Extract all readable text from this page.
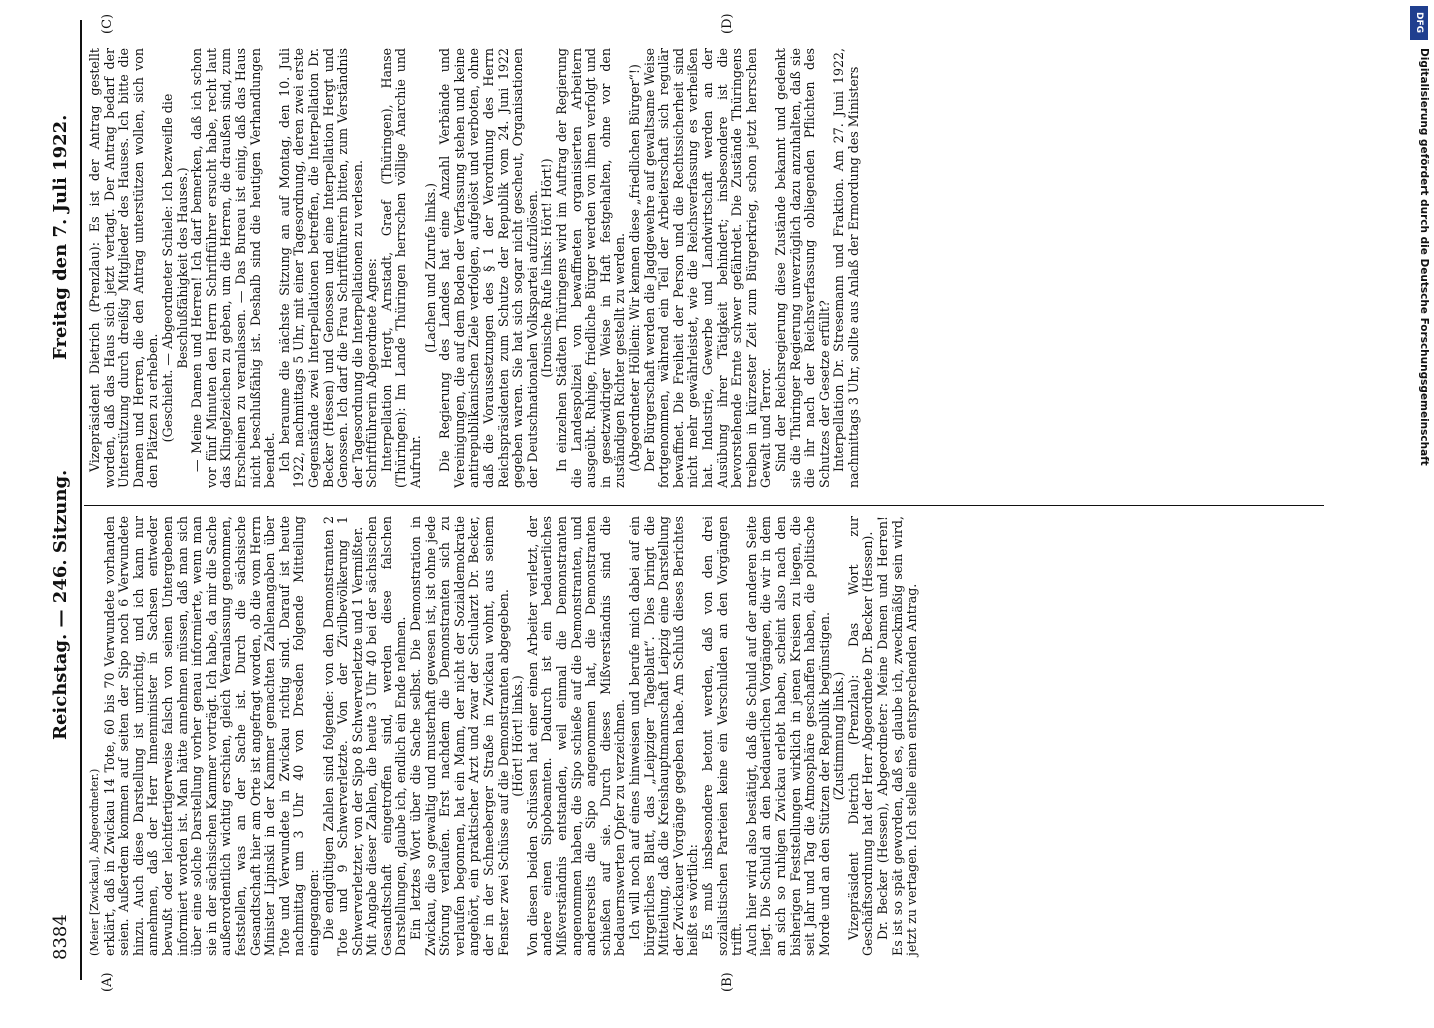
8384
Reichstag. — 246. Sitzung.
Freitag den 7. Juli 1922.
(A)	(B)
(C)	(D)

(Meier [Zwickau], Abgeordneter.) erklärt, daß in Zwickau 14 Tote, 60 bis 70 Verwundete vorhanden seien. Außerdem kommen auf seiten der Sipo noch 6 Verwundete hinzu. Auch diese Darstellung ist unrichtig, und ich kann nur annehmen, daß der Herr Innenminister in Sachsen entweder bewußt oder leichtfertigerweise falsch von seinen Untergebenen informiert worden ist. Man hätte annehmen müssen, daß man sich über eine solche Darstellung vorher genau informierte, wenn man sie in der sächsischen Kammer vorträgt. Ich habe, da mir die Sache außerordentlich wichtig erschien, gleich Veranlassung genommen, feststellen, was an der Sache ist. Durch die sächsische Gesandtschaft hier am Orte ist angefragt worden, ob die vom Herrn Minister Lipinski in der Kammer gemachten Zahlenangaben über Tote und Verwundete in Zwickau richtig sind. Darauf ist heute nachmittag um 3 Uhr 40 von Dresden folgende Mitteilung eingegangen: Die endgültigen Zahlen sind folgende: von den Demonstranten 2 Tote und 9 Schwerverletzte. Von der Zivilbevölkerung 1 Schwerverletzter, von der Sipo 8 Schwerverletzte und 1 Vermißter. Mit Angabe dieser Zahlen, die heute 3 Uhr 40 bei der sächsischen Gesandtschaft eingetroffen sind, werden diese falschen Darstellungen, glaube ich, endlich ein Ende nehmen. Ein letztes Wort über die Sache selbst. Die Demonstration in Zwickau, die so gewaltig und musterhaft gewesen ist, ist ohne jede Störung verlaufen. Erst nachdem die Demonstranten sich zu verlaufen begonnen, hat ein Mann, der nicht der Sozialdemokratie angehört, ein praktischer Arzt und zwar der Schularzt Dr. Becker, der in der Schneeberger Straße in Zwickau wohnt, aus seinem Fenster zwei Schüsse auf die Demonstranten abgegeben. (Hört! Hört! links.) Von diesen beiden Schüssen hat einer einen Arbeiter verletzt, der andere einen Sipobeamten. Dadurch ist ein bedauerliches Mißverständnis entstanden, weil einmal die Demonstranten angenommen haben, die Sipo schieße auf die Demonstranten, und andererseits die Sipo angenommen hat, die Demonstranten schießen auf sie. Durch dieses Mißverständnis sind die bedauernswerten Opfer zu verzeichnen. Ich will noch auf eines hinweisen und berufe mich dabei auf ein bürgerliches Blatt, das „Leipziger Tageblatt“. Dies bringt die Mitteilung, daß die Kreishauptmannschaft Leipzig eine Darstellung der Zwickauer Vorgänge gegeben habe. Am Schluß dieses Berichtes heißt es wörtlich: Es muß insbesondere betont werden, daß von den drei sozialistischen Parteien keine ein Verschulden an den Vorgängen trifft. Auch hier wird also bestätigt, daß die Schuld auf der anderen Seite liegt. Die Schuld an den bedauerlichen Vorgängen, die wir in dem an sich so ruhigen Zwickau erlebt haben, scheint also nach den bisherigen Feststellungen wirklich in jenen Kreisen zu liegen, die seit Jahr und Tag die Atmosphäre geschaffen haben, die politische Morde und an den Stützen der Republik begünstigen. (Zustimmung links.) Vizepräsident Dietrich (Prenzlau): Das Wort zur Geschäftsordnung hat der Herr Abgeordnete Dr. Becker (Hessen). Dr. Becker (Hessen), Abgeordneter: Meine Damen und Herren! Es ist so spät geworden, daß es, glaube ich, zweckmäßig sein wird, jetzt zu vertagen. Ich stelle einen entsprechenden Antrag.

Vizepräsident Dietrich (Prenzlau): Es ist der Antrag gestellt worden, daß das Haus sich jetzt vertagt. Der Antrag bedarf der Unterstützung durch dreißig Mitglieder des Hauses. Ich bitte die Damen und Herren, die den Antrag unterstützen wollen, sich von den Plätzen zu erheben. (Geschieht. — Abgeordneter Schiele: Ich bezweifle die Beschlußfähigkeit des Hauses.) — Meine Damen und Herren! Ich darf bemerken, daß ich schon vor fünf Minuten den Herrn Schriftführer ersucht habe, recht laut das Klingelzeichen zu geben, um die Herren, die draußen sind, zum Erscheinen zu veranlassen. — Das Bureau ist einig, daß das Haus nicht beschlußfähig ist. Deshalb sind die heutigen Verhandlungen beendet. Ich beraume die nächste Sitzung an auf Montag, den 10. Juli 1922, nachmittags 5 Uhr, mit einer Tagesordnung, deren zwei erste Gegenstände zwei Interpellationen betreffen, die Interpellation Dr. Becker (Hessen) und Genossen und eine Interpellation Hergt und Genossen. Ich darf die Frau Schriftführerin bitten, zum Verständnis der Tagesordnung die Interpellationen zu verlesen. Schriftführerin Abgeordnete Agnes: Interpellation Hergt, Arnstadt, Graef (Thüringen), Hanse (Thüringen): Im Lande Thüringen herrschen völlige Anarchie und Aufruhr.

(Lachen und Zurufe links.) Die Regierung des Landes hat eine Anzahl Verbände und Vereinigungen, die auf dem Boden der Verfassung stehen und keine antirepublikanischen Ziele verfolgen, aufgelöst und verboten, ohne daß die Voraussetzungen des § 1 der Verordnung des Herrn Reichspräsidenten zum Schutze der Republik vom 24. Juni 1922 gegeben waren. Sie hat sich sogar nicht gescheut, Organisationen der Deutschnationalen Volkspartei aufzulösen. (Ironische Rufe links: Hört! Hört!) In einzelnen Städten Thüringens wird im Auftrag der Regierung die Landespolizei von bewaffneten organisierten Arbeitern ausgeübt. Ruhige, friedliche Bürger werden von ihnen verfolgt und in gesetzwidriger Weise in Haft festgehalten, ohne vor den zuständigen Richter gestellt zu werden. (Abgeordneter Höllein: Wir kennen diese „friedlichen Bürger“!) Der Bürgerschaft werden die Jagdgewehre auf gewaltsame Weise fortgenommen, während ein Teil der Arbeiterschaft sich regulär bewaffnet. Die Freiheit der Person und die Rechtssicherheit sind nicht mehr gewährleistet, wie die Reichsverfassung es verheißen hat. Industrie, Gewerbe und Landwirtschaft werden an der Ausübung ihrer Tätigkeit behindert; insbesondere ist die bevorstehende Ernte schwer gefährdet. Die Zustände Thüringens treiben in kürzester Zeit zum Bürgerkrieg, schon jetzt herrschen Gewalt und Terror. Sind der Reichsregierung diese Zustände bekannt und gedenkt sie die Thüringer Regierung unverzüglich dazu anzuhalten, daß sie die ihr nach der Reichsverfassung obliegenden Pflichten des Schutzes der Gesetze erfüllt? Interpellation Dr. Stresemann und Fraktion. Am 27. Juni 1922, nachmittags 3 Uhr, sollte aus Anlaß der Ermordung des Ministers

DFG
Digitalisierung gefördert durch die Deutsche Forschungsgemeinschaft
